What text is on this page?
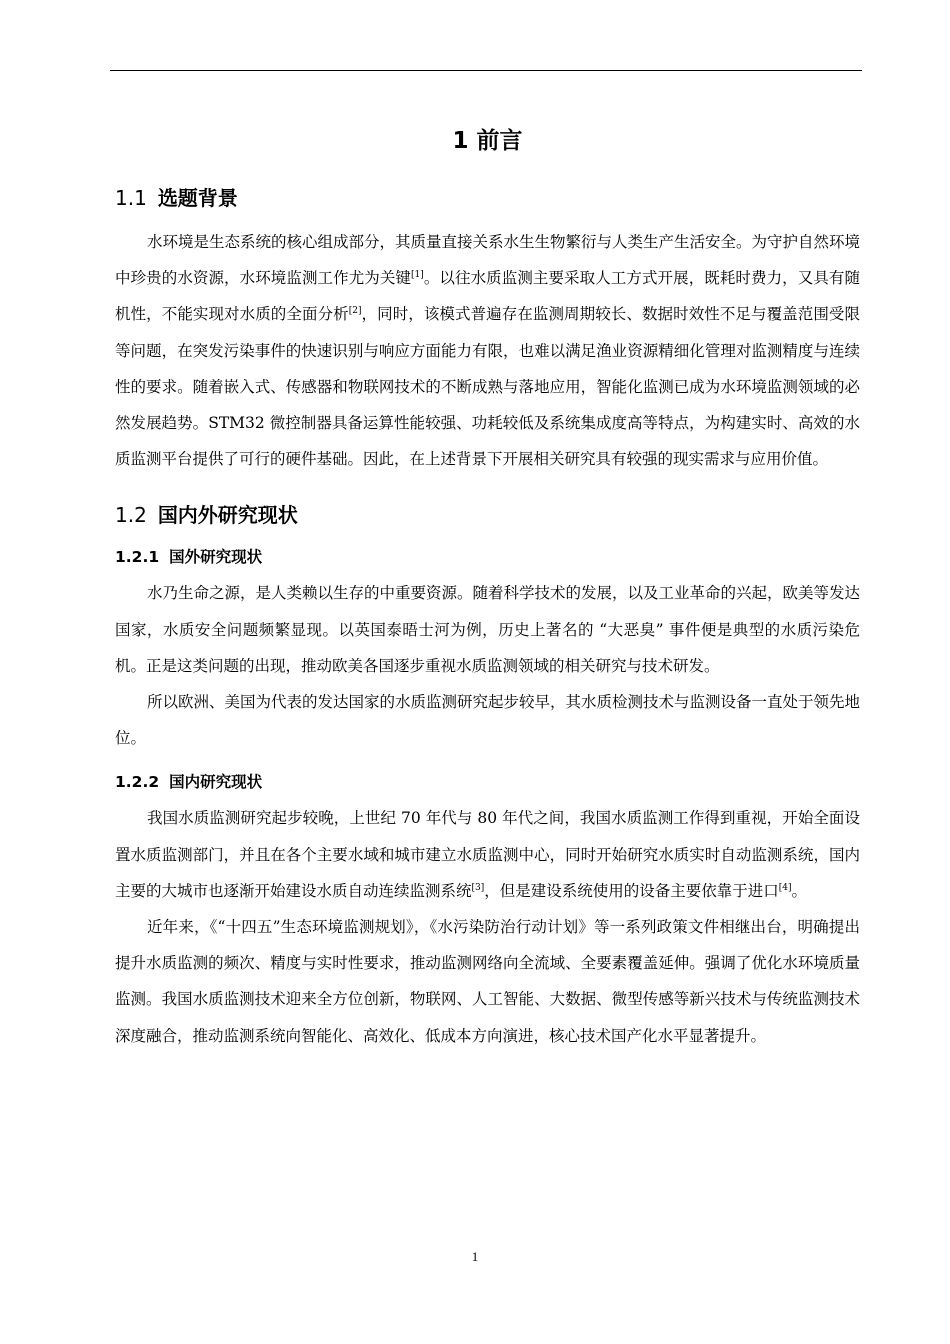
1 前言
1.1 选题背景

水环境是生态系统的核心组成部分，其质量直接关系水生生物繁衍与人类生产生活安全。为守护自然环境中珍贵的水资源，水环境监测工作尤为关键[1]。以往水质监测主要采取人工方式开展，既耗时费力，又具有随机性，不能实现对水质的全面分析[2]，同时，该模式普遍存在监测周期较长、数据时效性不足与覆盖范围受限等问题，在突发污染事件的快速识别与响应方面能力有限，也难以满足渔业资源精细化管理对监测精度与连续性的要求。随着嵌入式、传感器和物联网技术的不断成熟与落地应用，智能化监测已成为水环境监测领域的必然发展趋势。STM32 微控制器具备运算性能较强、功耗较低及系统集成度高等特点，为构建实时、高效的水质监测平台提供了可行的硬件基础。因此，在上述背景下开展相关研究具有较强的现实需求与应用价值。

1.2 国内外研究现状
1.2.1 国外研究现状

水乃生命之源，是人类赖以生存的中重要资源。随着科学技术的发展，以及工业革命的兴起，欧美等发达国家，水质安全问题频繁显现。以英国泰晤士河为例，历史上著名的 “大恶臭” 事件便是典型的水质污染危机。正是这类问题的出现，推动欧美各国逐步重视水质监测领域的相关研究与技术研发。

所以欧洲、美国为代表的发达国家的水质监测研究起步较早，其水质检测技术与监测设备一直处于领先地位。

1.2.2 国内研究现状

我国水质监测研究起步较晚，上世纪 70 年代与 80 年代之间，我国水质监测工作得到重视，开始全面设置水质监测部门，并且在各个主要水域和城市建立水质监测中心，同时开始研究水质实时自动监测系统，国内主要的大城市也逐渐开始建设水质自动连续监测系统[3]，但是建设系统使用的设备主要依靠于进口[4]。

近年来，《“十四五”生态环境监测规划》，《水污染防治行动计划》等一系列政策文件相继出台，明确提出提升水质监测的频次、精度与实时性要求，推动监测网络向全流域、全要素覆盖延伸。强调了优化水环境质量监测。我国水质监测技术迎来全方位创新，物联网、人工智能、大数据、微型传感等新兴技术与传统监测技术深度融合，推动监测系统向智能化、高效化、低成本方向演进，核心技术国产化水平显著提升。

1
